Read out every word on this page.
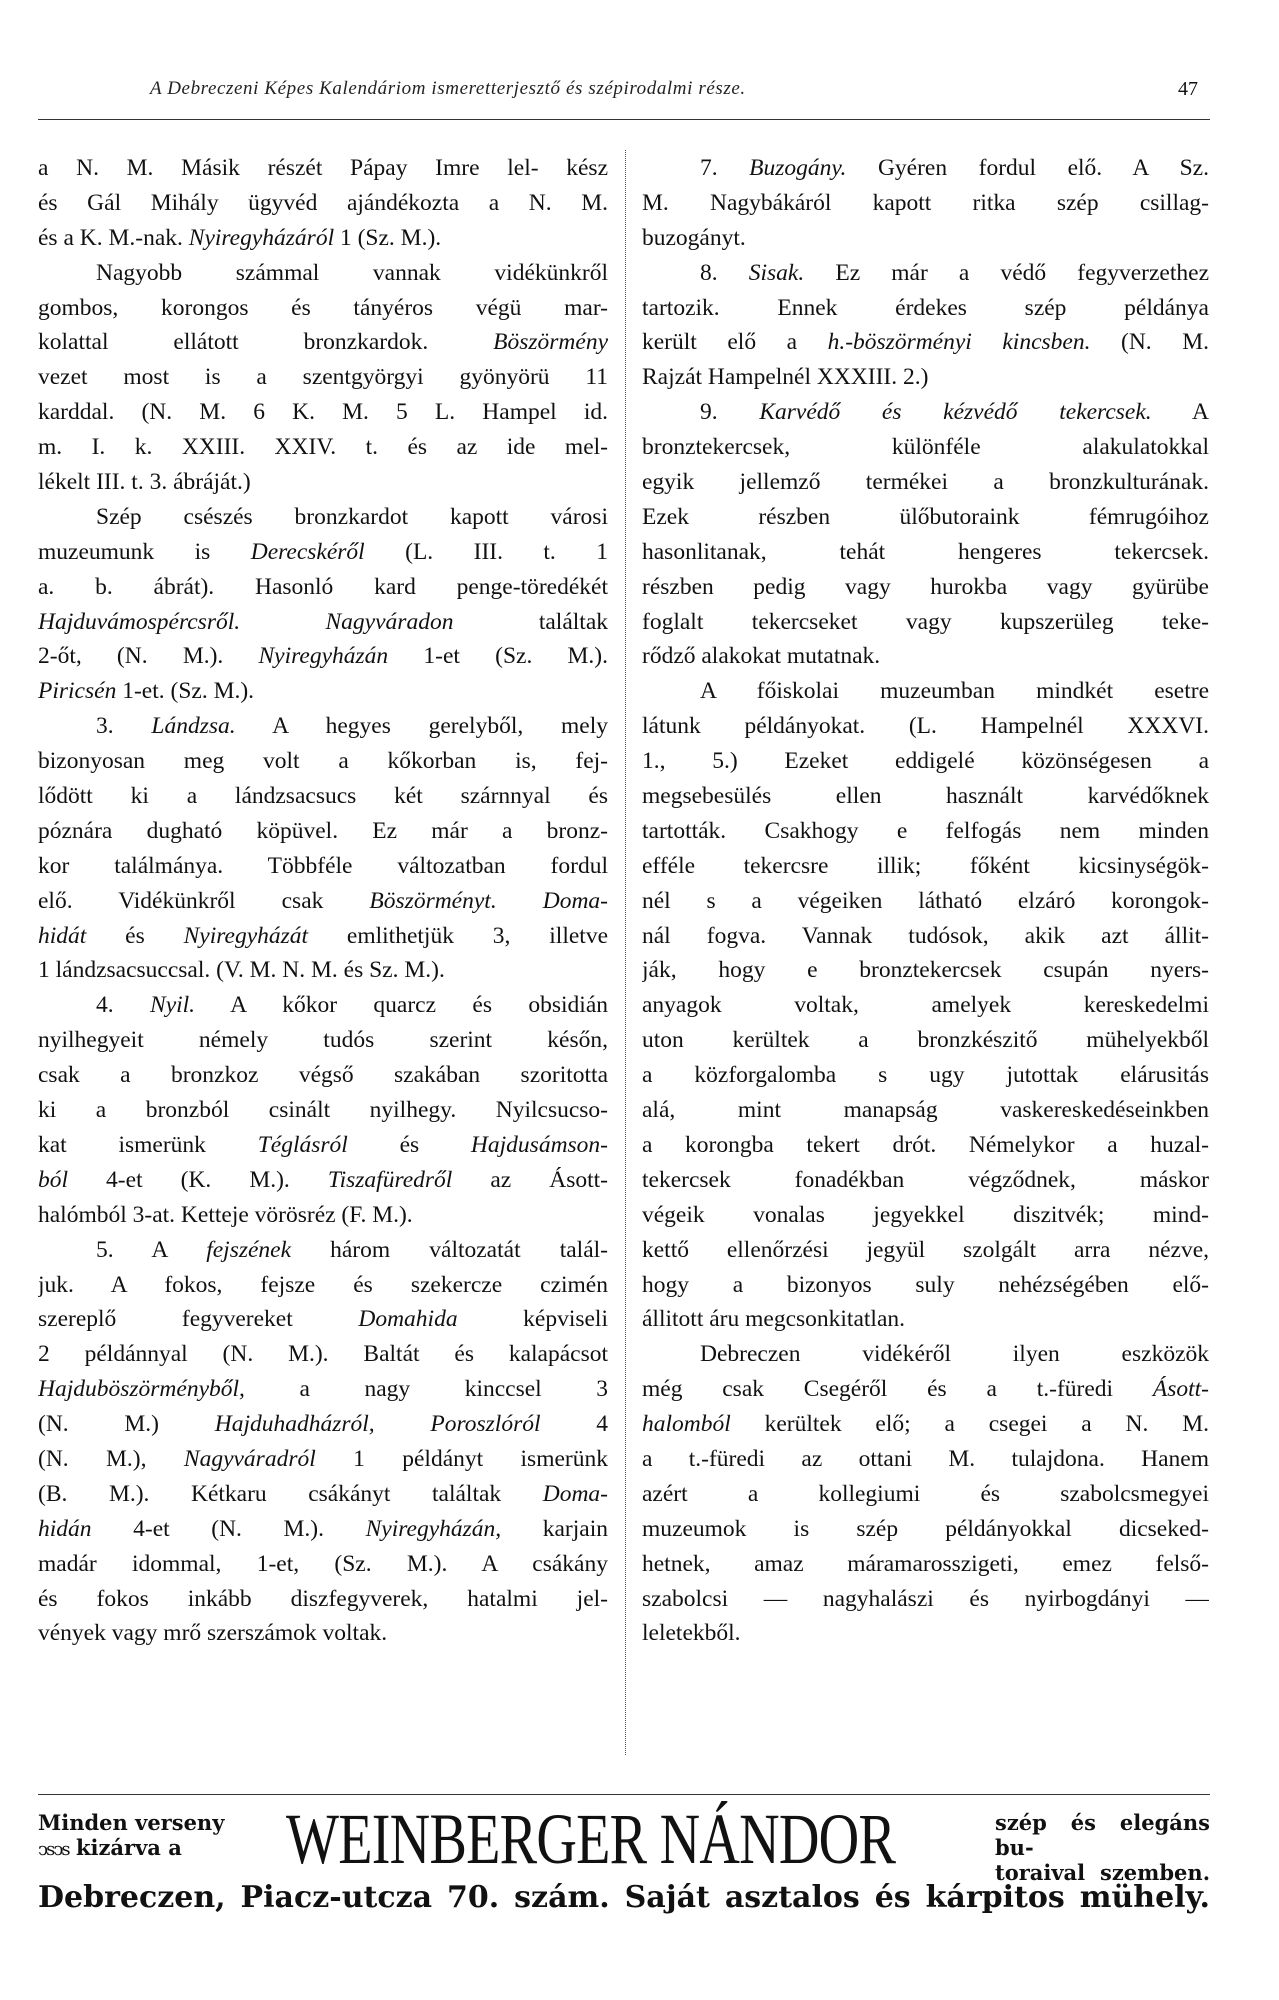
A Debreczeni Képes Kalendáriom ismeretterjesztő és szépirodalmi része.	47
a N. M. Másik részét Pápay Imre lel- kész
és Gál Mihály ügyvéd ajándékozta a N. M.
és a K. M.-nak. Nyiregyházáról 1 (Sz. M.).
Nagyobb számmal vannak vidékünkről
gombos, korongos és tányéros végü mar-
kolattal ellátott bronzkardok. Böszörmény
vezet most is a szentgyörgyi gyönyörü 11
karddal. (N. M. 6 K. M. 5 L. Hampel id.
m. I. k. XXIII. XXIV. t. és az ide mel-
lékelt III. t. 3. ábráját.)
Szép csészés bronzkardot kapott városi
muzeumunk is Derecskéről (L. III. t. 1
a. b. ábrát). Hasonló kard penge-töredékét
Hajduvámospércsről. Nagyváradon találtak
2-őt, (N. M.). Nyiregyházán 1-et (Sz. M.).
Piricsén 1-et. (Sz. M.).
3. Lándzsa. A hegyes gerelyből, mely
bizonyosan meg volt a kőkorban is, fej-
lődött ki a lándzsacsucs két szárnnyal és
póznára dugható köpüvel. Ez már a bronz-
kor találmánya. Többféle változatban fordul
elő. Vidékünkről csak Böszörményt. Doma-
hidát és Nyiregyházát emlithetjük 3, illetve
1 lándzsacsuccsal. (V. M. N. M. és Sz. M.).
4. Nyil. A kőkor quarcz és obsidián
nyilhegyeit némely tudós szerint későn,
csak a bronzkoz végső szakában szoritotta
ki a bronzból csinált nyilhegy. Nyilcsucso-
kat ismerünk Téglásról és Hajdusámson-
ból 4-et (K. M.). Tiszafüredről az Ásott-
halómból 3-at. Ketteje vörösréz (F. M.).
5. A fejszének három változatát talál-
juk. A fokos, fejsze és szekercze czimén
szereplő fegyvereket Domahida képviseli
2 példánnyal (N. M.). Baltát és kalapácsot
Hajduböszörményből, a nagy kinccsel 3
(N. M.) Hajduhadházról, Poroszlóról 4
(N. M.), Nagyváradról 1 példányt ismerünk
(B. M.). Kétkaru csákányt találtak Doma-
hidán 4-et (N. M.). Nyiregyházán, karjain
madár idommal, 1-et, (Sz. M.). A csákány
és fokos inkább diszfegyverek, hatalmi jel-
vények vagy mrő szerszámok voltak.
7. Buzogány. Gyéren fordul elő. A Sz.
M. Nagybákáról kapott ritka szép csillag-
buzogányt.
8. Sisak. Ez már a védő fegyverzethez
tartozik. Ennek érdekes szép példánya
került elő a h.-böszörményi kincsben. (N. M.
Rajzát Hampelnél XXXIII. 2.)
9. Karvédő és kézvédő tekercsek. A
bronztekercsek, különféle alakulatokkal
egyik jellemző termékei a bronzkulturának.
Ezek részben ülőbutoraink fémrugóihoz
hasonlitanak, tehát hengeres tekercsek.
részben pedig vagy hurokba vagy gyürübe
foglalt tekercseket vagy kupszerüleg teke-
rődző alakokat mutatnak.
A főiskolai muzeumban mindkét esetre
látunk példányokat. (L. Hampelnél XXXVI.
1., 5.) Ezeket eddigelé közönségesen a
megsebesülés ellen használt karvédőknek
tartották. Csakhogy e felfogás nem minden
efféle tekercsre illik; főként kicsinységök-
nél s a végeiken látható elzáró korongok-
nál fogva. Vannak tudósok, akik azt állit-
ják, hogy e bronztekercsek csupán nyers-
anyagok voltak, amelyek kereskedelmi
uton kerültek a bronzkészitő mühelyekből
a közforgalomba s ugy jutottak elárusitás
alá, mint manapság vaskereskedéseinkben
a korongba tekert drót. Némelykor a huzal-
tekercsek fonadékban végződnek, máskor
végeik vonalas jegyekkel diszitvék; mind-
kettő ellenőrzési jegyül szolgált arra nézve,
hogy a bizonyos suly nehézségében elő-
állitott áru megcsonkitatlan.
Debreczen vidékéről ilyen eszközök
még csak Csegéről és a t.-füredi Ásott-
halomból kerültek elő; a csegei a N. M.
a t.-füredi az ottani M. tulajdona. Hanem
azért a kollegiumi és szabolcsmegyei
muzeumok is szép példányokkal dicseked-
hetnek, amaz máramarosszigeti, emez felső-
szabolcsi — nagyhalászi és nyirbogdányi —
leletekből.
Minden verseny
ↄsↄs kizárva a	WEINBERGER NÁNDOR	szép és elegáns bu-
toraival szemben.
Debreczen, Piacz-utcza 70. szám. Saját asztalos és kárpitos mühely.
